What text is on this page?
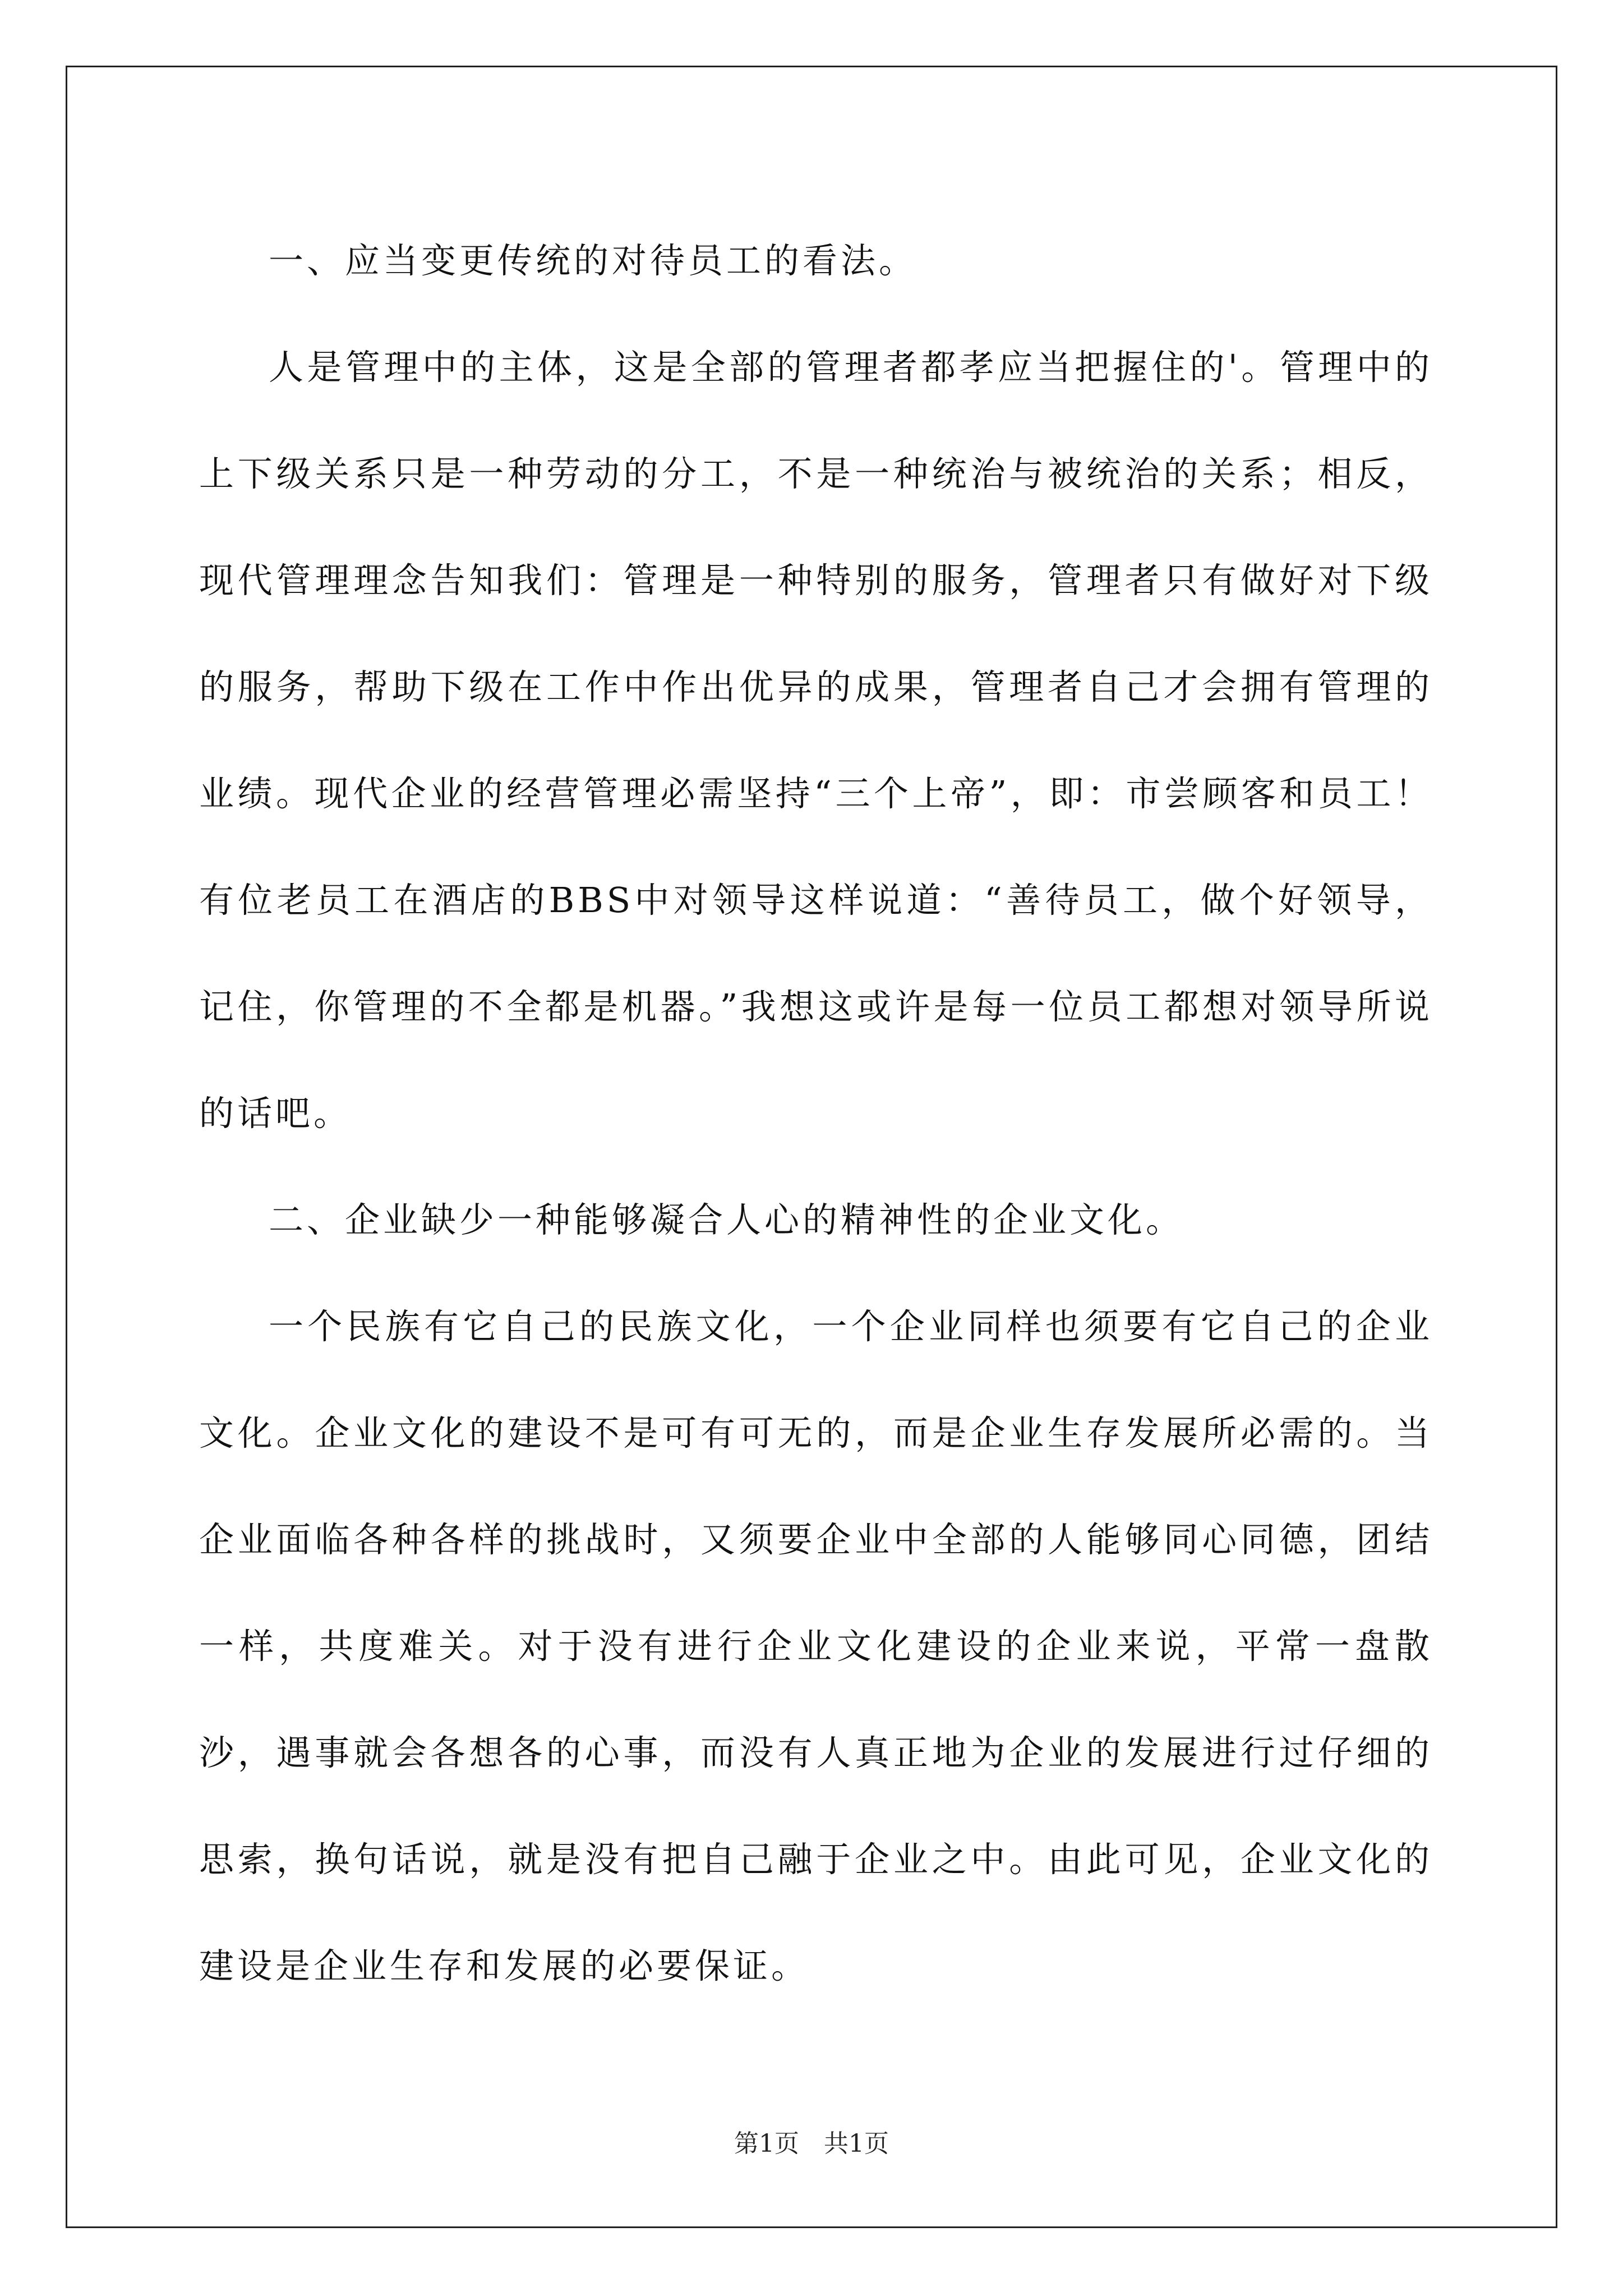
一、应当变更传统的对待员工的看法。

人是管理中的主体，这是全部的管理者都孝应当把握住的'。管理中的上下级关系只是一种劳动的分工，不是一种统治与被统治的关系；相反，现代管理理念告知我们：管理是一种特别的服务，管理者只有做好对下级的服务，帮助下级在工作中作出优异的成果，管理者自己才会拥有管理的业绩。现代企业的经营管理必需坚持“三个上帝”，即：市尝顾客和员工！有位老员工在酒店的BBS中对领导这样说道：“善待员工，做个好领导，记住，你管理的不全都是机器。”我想这或许是每一位员工都想对领导所说的话吧。

二、企业缺少一种能够凝合人心的精神性的企业文化。

一个民族有它自己的民族文化，一个企业同样也须要有它自己的企业文化。企业文化的建设不是可有可无的，而是企业生存发展所必需的。当企业面临各种各样的挑战时，又须要企业中全部的人能够同心同德，团结一样，共度难关。对于没有进行企业文化建设的企业来说，平常一盘散沙，遇事就会各想各的心事，而没有人真正地为企业的发展进行过仔细的思索，换句话说，就是没有把自己融于企业之中。由此可见，企业文化的建设是企业生存和发展的必要保证。

第1页　共1页
